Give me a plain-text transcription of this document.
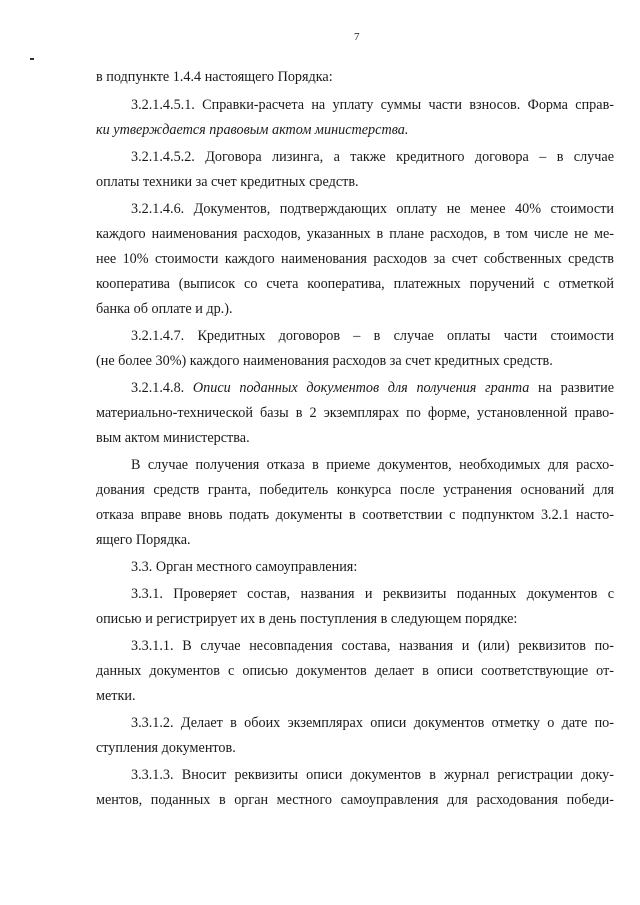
7

в подпункте 1.4.4 настоящего Порядка:

3.2.1.4.5.1. Справки-расчета на уплату суммы части взносов. Форма справ-

ки утверждается правовым актом министерства.

3.2.1.4.5.2. Договора лизинга, а также кредитного договора – в случае

оплаты техники за счет кредитных средств.

3.2.1.4.6. Документов, подтверждающих оплату не менее 40% стоимости

каждого наименования расходов, указанных в плане расходов, в том числе не ме-

нее 10% стоимости каждого наименования расходов за счет собственных средств

кооператива (выписок со счета кооператива, платежных поручений с отметкой

банка об оплате и др.).

3.2.1.4.7. Кредитных договоров – в случае оплаты части стоимости

(не более 30%) каждого наименования расходов за счет кредитных средств.

3.2.1.4.8. Описи поданных документов для получения гранта на развитие

материально-технической базы в 2 экземплярах по форме, установленной право-

вым актом министерства.

В случае получения отказа в приеме документов, необходимых для расхо-

дования средств гранта, победитель конкурса после устранения оснований для

отказа вправе вновь подать документы в соответствии с подпунктом 3.2.1 насто-

ящего Порядка.

3.3. Орган местного самоуправления:

3.3.1. Проверяет состав, названия и реквизиты поданных документов с

описью и регистрирует их в день поступления в следующем порядке:

3.3.1.1. В случае несовпадения состава, названия и (или) реквизитов по-

данных документов с описью документов делает в описи соответствующие от-

метки.

3.3.1.2. Делает в обоих экземплярах описи документов отметку о дате по-

ступления документов.

3.3.1.3. Вносит реквизиты описи документов в журнал регистрации доку-

ментов, поданных в орган местного самоуправления для расходования победи-
